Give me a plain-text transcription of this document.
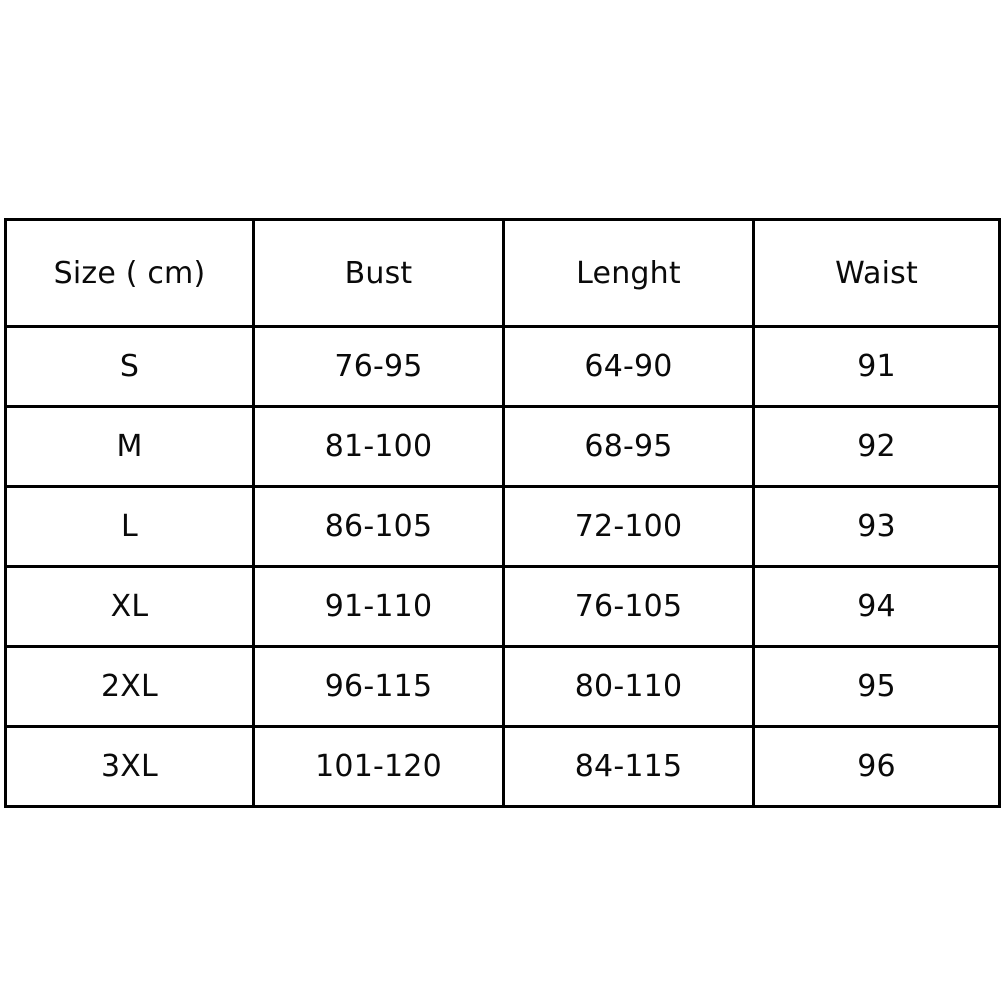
Size ( cm)	Bust	Lenght	Waist

S	76-95	64-90	91

M	81-100	68-95	92

L	86-105	72-100	93

XL	91-110	76-105	94

2XL	96-115	80-110	95

3XL	101-120	84-115	96
